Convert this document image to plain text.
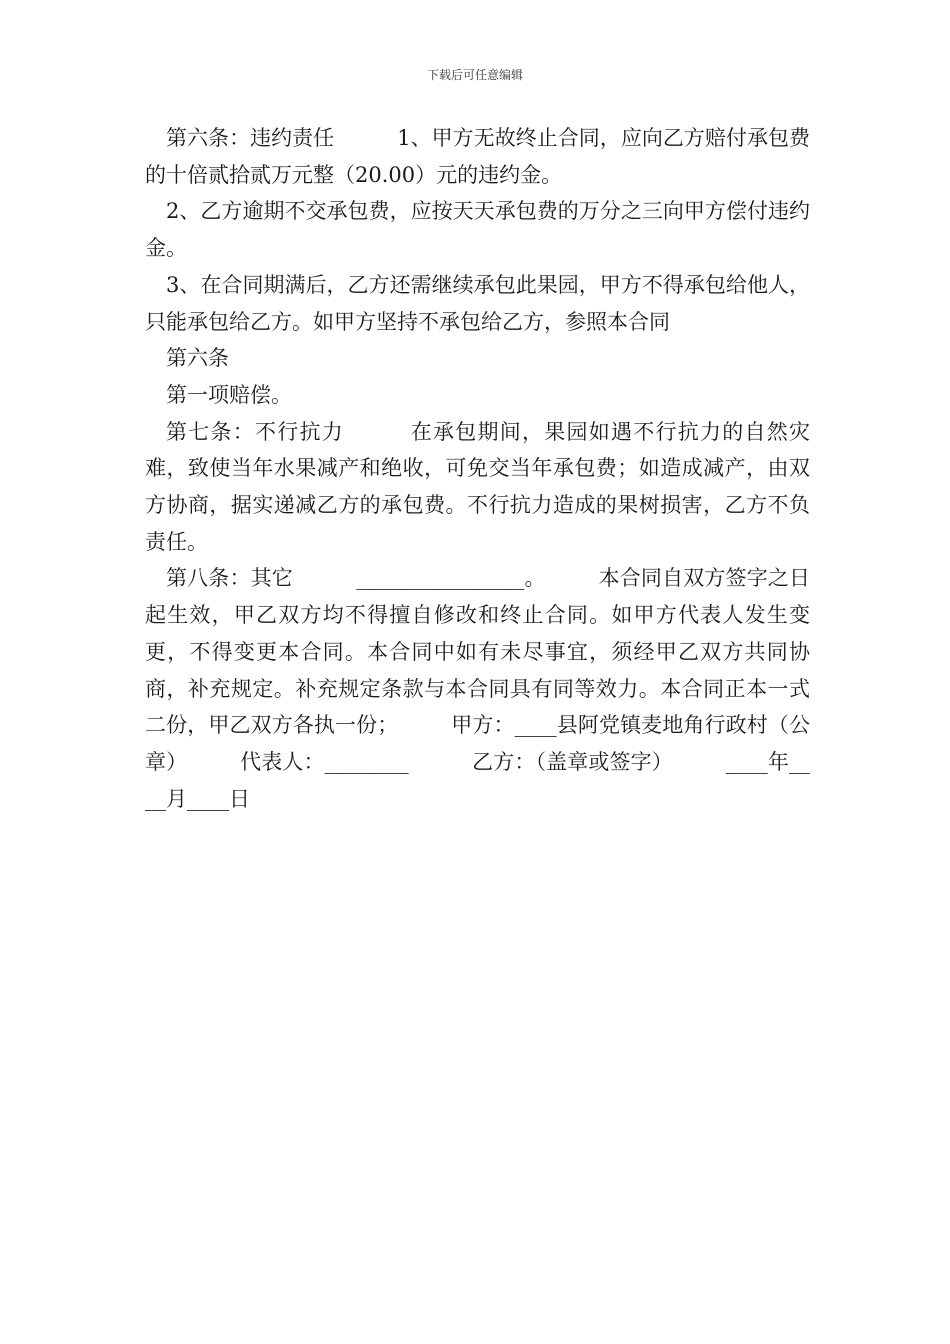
下载后可任意编辑

第六条：违约责任　　　1、甲方无故终止合同，应向乙方赔付承包费的十倍贰拾贰万元整（20.00）元的违约金。

2、乙方逾期不交承包费，应按天天承包费的万分之三向甲方偿付违约金。

3、在合同期满后，乙方还需继续承包此果园，甲方不得承包给他人，只能承包给乙方。如甲方坚持不承包给乙方，参照本合同

第六条

第一项赔偿。

第七条：不行抗力　　　在承包期间，果园如遇不行抗力的自然灾难，致使当年水果减产和绝收，可免交当年承包费；如造成减产，由双方协商，据实递减乙方的承包费。不行抗力造成的果树损害，乙方不负责任。

第八条：其它　　　________________。　　　本合同自双方签字之日起生效，甲乙双方均不得擅自修改和终止合同。如甲方代表人发生变更，不得变更本合同。本合同中如有未尽事宜，须经甲乙双方共同协商，补充规定。补充规定条款与本合同具有同等效力。本合同正本一式二份，甲乙双方各执一份；　　　甲方：____县阿党镇麦地角行政村（公章）　　　代表人：________　　　乙方：（盖章或签字）　　　____年____月____日
